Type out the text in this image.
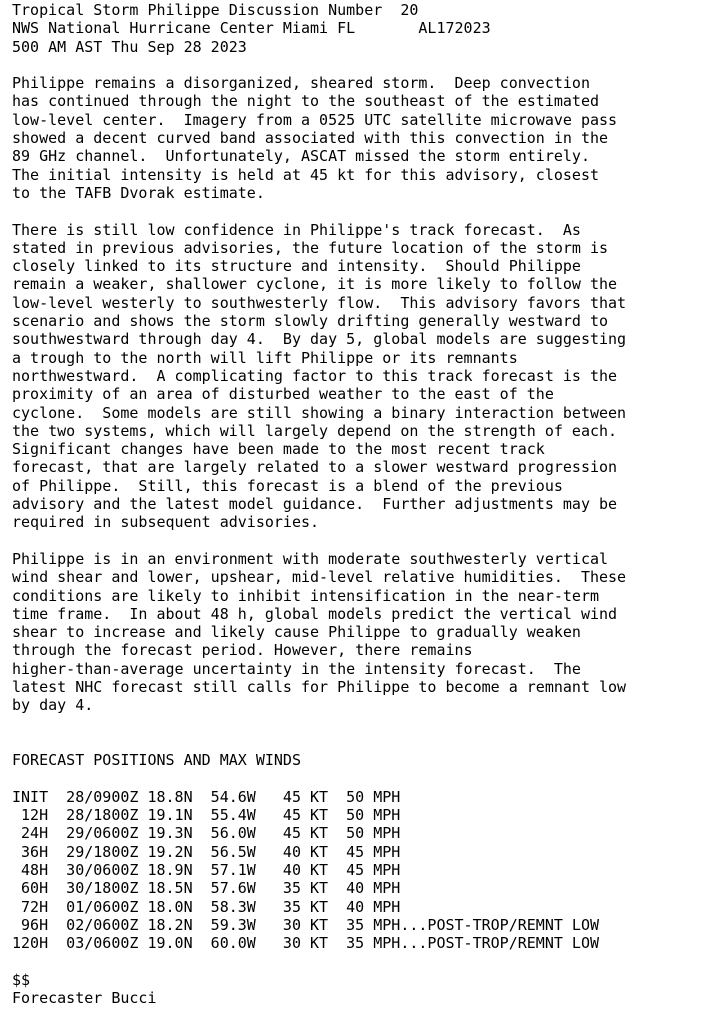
Tropical Storm Philippe Discussion Number  20
NWS National Hurricane Center Miami FL       AL172023
500 AM AST Thu Sep 28 2023
Philippe remains a disorganized, sheared storm.  Deep convection
has continued through the night to the southeast of the estimated
low-level center.  Imagery from a 0525 UTC satellite microwave pass
showed a decent curved band associated with this convection in the
89 GHz channel.  Unfortunately, ASCAT missed the storm entirely.
The initial intensity is held at 45 kt for this advisory, closest
to the TAFB Dvorak estimate.
There is still low confidence in Philippe's track forecast.  As
stated in previous advisories, the future location of the storm is
closely linked to its structure and intensity.  Should Philippe
remain a weaker, shallower cyclone, it is more likely to follow the
low-level westerly to southwesterly flow.  This advisory favors that
scenario and shows the storm slowly drifting generally westward to
southwestward through day 4.  By day 5, global models are suggesting
a trough to the north will lift Philippe or its remnants
northwestward.  A complicating factor to this track forecast is the
proximity of an area of disturbed weather to the east of the
cyclone.  Some models are still showing a binary interaction between
the two systems, which will largely depend on the strength of each.
Significant changes have been made to the most recent track
forecast, that are largely related to a slower westward progression
of Philippe.  Still, this forecast is a blend of the previous
advisory and the latest model guidance.  Further adjustments may be
required in subsequent advisories.
Philippe is in an environment with moderate southwesterly vertical
wind shear and lower, upshear, mid-level relative humidities.  These
conditions are likely to inhibit intensification in the near-term
time frame.  In about 48 h, global models predict the vertical wind
shear to increase and likely cause Philippe to gradually weaken
through the forecast period. However, there remains
higher-than-average uncertainty in the intensity forecast.  The
latest NHC forecast still calls for Philippe to become a remnant low
by day 4.
FORECAST POSITIONS AND MAX WINDS
INIT  28/0900Z 18.8N  54.6W   45 KT  50 MPH
12H  28/1800Z 19.1N  55.4W   45 KT  50 MPH
24H  29/0600Z 19.3N  56.0W   45 KT  50 MPH
36H  29/1800Z 19.2N  56.5W   40 KT  45 MPH
48H  30/0600Z 18.9N  57.1W   40 KT  45 MPH
60H  30/1800Z 18.5N  57.6W   35 KT  40 MPH
72H  01/0600Z 18.0N  58.3W   35 KT  40 MPH
96H  02/0600Z 18.2N  59.3W   30 KT  35 MPH...POST-TROP/REMNT LOW
120H  03/0600Z 19.0N  60.0W   30 KT  35 MPH...POST-TROP/REMNT LOW
$$
Forecaster Bucci
